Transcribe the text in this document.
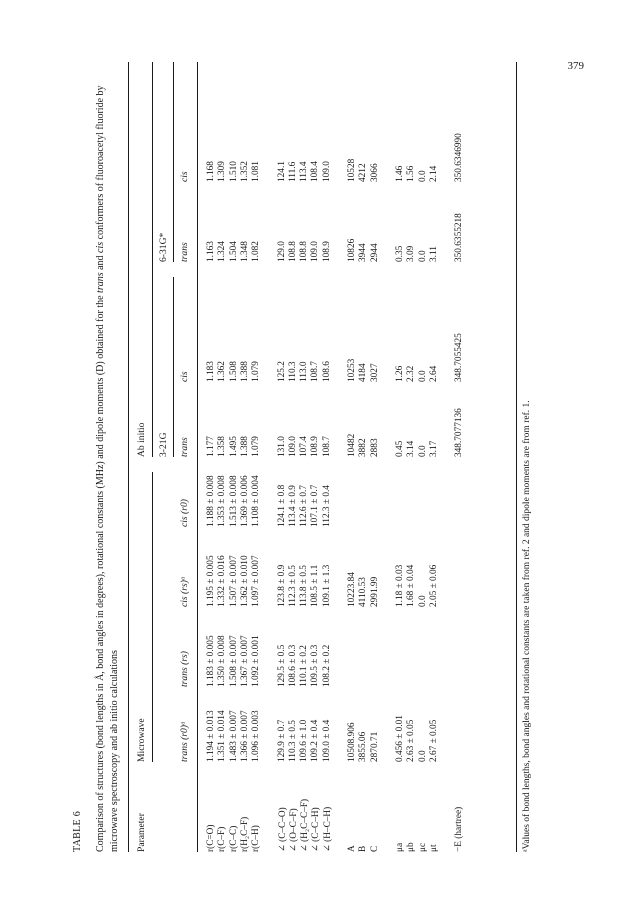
379
TABLE 6 Comparison of structures (bond lengths in Å, bond angles in degrees), rotational constants (MHz) and dipole moments (D) obtained for the trans and cis conformers of fluoroacetyl fluoride by microwave spectroscopy and ab initio calculations Parameter
Microwave
Ab initio 3-21G
6-31G*
trans (r0)ᵃ
trans (rs)
cis (rs)ᵃ
cis (r0)
trans
cis
trans
cis
r(C=O)
1.194 ± 0.013
1.183 ± 0.005
1.195 ± 0.005
1.188 ± 0.008
1.177
1.183
1.163
1.168
r(C–F)
1.351 ± 0.014
1.350 ± 0.008
1.332 ± 0.016
1.353 ± 0.008
1.358
1.362
1.324
1.309
r(C–C)
1.483 ± 0.007
1.508 ± 0.007
1.507 ± 0.007
1.513 ± 0.008
1.495
1.508
1.504
1.510
r(H₂C–F)
1.366 ± 0.007
1.367 ± 0.007
1.362 ± 0.010
1.369 ± 0.006
1.388
1.388
1.348
1.352
r(C–H)
1.096 ± 0.003
1.092 ± 0.001
1.097 ± 0.007
1.108 ± 0.004
1.079
1.079
1.082
1.081
∠ (C–C–O)
129.9 ± 0.7
129.5 ± 0.5
123.8 ± 0.9
124.1 ± 0.8
131.0
125.2
129.0
124.1
∠ (O–C–F)
110.3 ± 0.5
108.6 ± 0.3
112.3 ± 0.5
113.4 ± 0.9
109.0
110.3
108.8
111.6
∠ (H₂C–C–F)
109.6 ± 1.0
110.1 ± 0.2
113.8 ± 0.5
112.6 ± 0.7
107.4
113.0
108.8
113.4
∠ (C–C–H)
109.2 ± 0.4
109.5 ± 0.3
108.5 ± 1.1
107.1 ± 0.7
108.9
108.7
109.0
108.4
∠ (H–C–H)
109.0 ± 0.4
108.2 ± 0.2
109.1 ± 1.3
112.3 ± 0.4
108.7
108.6
108.9
109.0
A
10508.906
10223.84
10482
10253
10826
10528
B
3855.06
4110.53
3882
4184
3944
4212
C
2870.71
2991.99
2883
3027
2944
3066
μa
0.456 ± 0.01
1.18 ± 0.03
0.45
1.26
0.35
1.46
μb
2.63 ± 0.05
1.68 ± 0.04
3.14
2.32
3.09
1.56
μc
0.0
0.0
0.0
0.0
0.0
0.0
μt
2.67 ± 0.05
2.05 ± 0.06
3.17
2.64
3.11
2.14
−E (hartree)
348.7077136
348.7055425
350.6355218
350.6346990
ᵃValues of bond lengths, bond angles and rotational constants are taken from ref. 2 and dipole moments are from ref. 1.
